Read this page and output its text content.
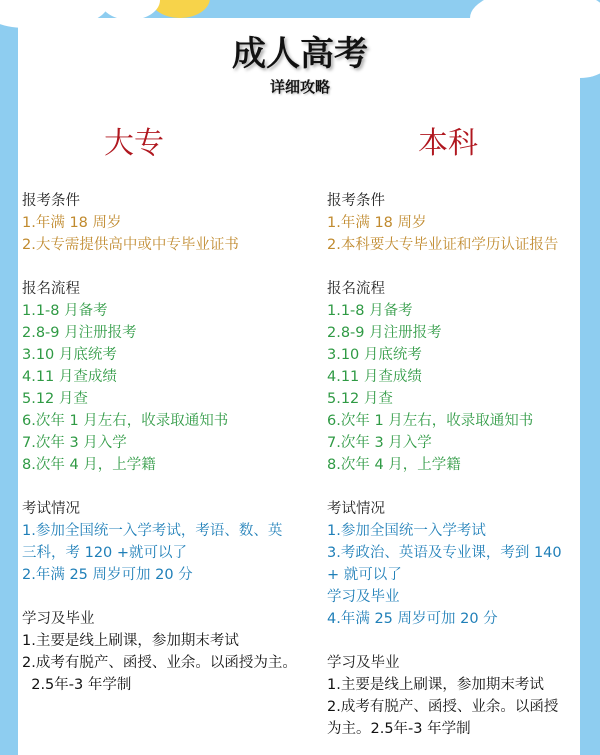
成人高考
详细攻略
大专	本科
报考条件
1.年满 18 周岁
2.大专需提供高中或中专毕业证书
报名流程
1.1-8 月备考
2.8-9 月注册报考
3.10 月底统考
4.11 月查成绩
5.12 月查
6.次年 1 月左右，收录取通知书
7.次年 3 月入学
8.次年 4 月，上学籍
考试情况
1.参加全国统一入学考试，考语、数、英
三科，考 120 +就可以了
2.年满 25 周岁可加 20 分
学习及毕业
1.主要是线上刷课，参加期末考试
2.成考有脱产、函授、业余。以函授为主。
2.5年-3 年学制
报考条件
1.年满 18 周岁
2.本科要大专毕业证和学历认证报告
报名流程
1.1-8 月备考
2.8-9 月注册报考
3.10 月底统考
4.11 月查成绩
5.12 月查
6.次年 1 月左右，收录取通知书
7.次年 3 月入学
8.次年 4 月，上学籍
考试情况
1.参加全国统一入学考试
3.考政治、英语及专业课，考到 140
+ 就可以了
学习及毕业
4.年满 25 周岁可加 20 分
学习及毕业
1.主要是线上刷课，参加期末考试
2.成考有脱产、函授、业余。以函授
为主。2.5年-3 年学制
